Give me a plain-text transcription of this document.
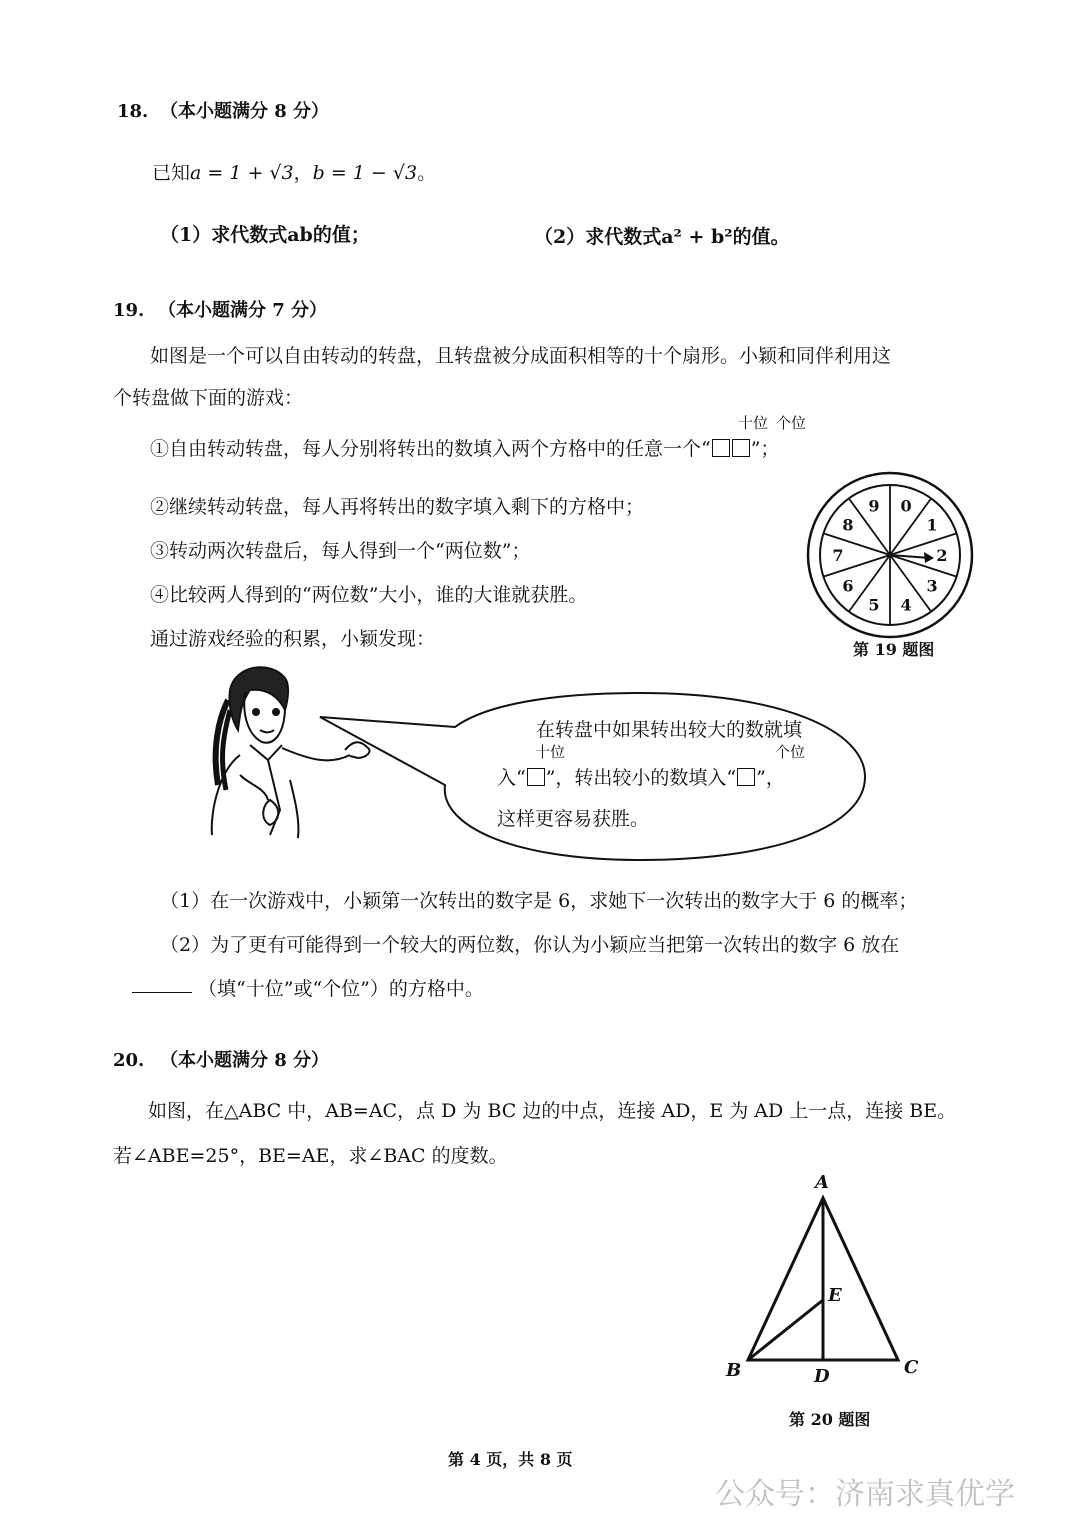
18. （本小题满分 8 分）
已知a = 1 + √3，b = 1 − √3。
（1）求代数式ab的值；	（2）求代数式a² + b²的值。
19. （本小题满分 7 分）
如图是一个可以自由转动的转盘，且转盘被分成面积相等的十个扇形。小颖和同伴利用这
个转盘做下面的游戏：
十位 个位
①自由转动转盘，每人分别将转出的数填入两个方格中的任意一个“ ”；
②继续转动转盘，每人再将转出的数字填入剩下的方格中；
③转动两次转盘后，每人得到一个“两位数”；
④比较两人得到的“两位数”大小，谁的大谁就获胜。
通过游戏经验的积累，小颖发现：
0
1
2
3
4
5
6
7
8
9
第 19 题图
在转盘中如果转出较大的数就填
十位	个位
入“ ”，转出较小的数填入“ ”，
这样更容易获胜。
（1）在一次游戏中，小颖第一次转出的数字是 6，求她下一次转出的数字大于 6 的概率；
（2）为了更有可能得到一个较大的两位数，你认为小颖应当把第一次转出的数字 6 放在
（填“十位”或“个位”）的方格中。
20. （本小题满分 8 分）
如图，在△ABC 中，AB=AC，点 D 为 BC 边的中点，连接 AD，E 为 AD 上一点，连接 BE。
若∠ABE=25°，BE=AE，求∠BAC 的度数。
A
B	C
D
E
第 20 题图
第 4 页，共 8 页
公众号：济南求真优学
